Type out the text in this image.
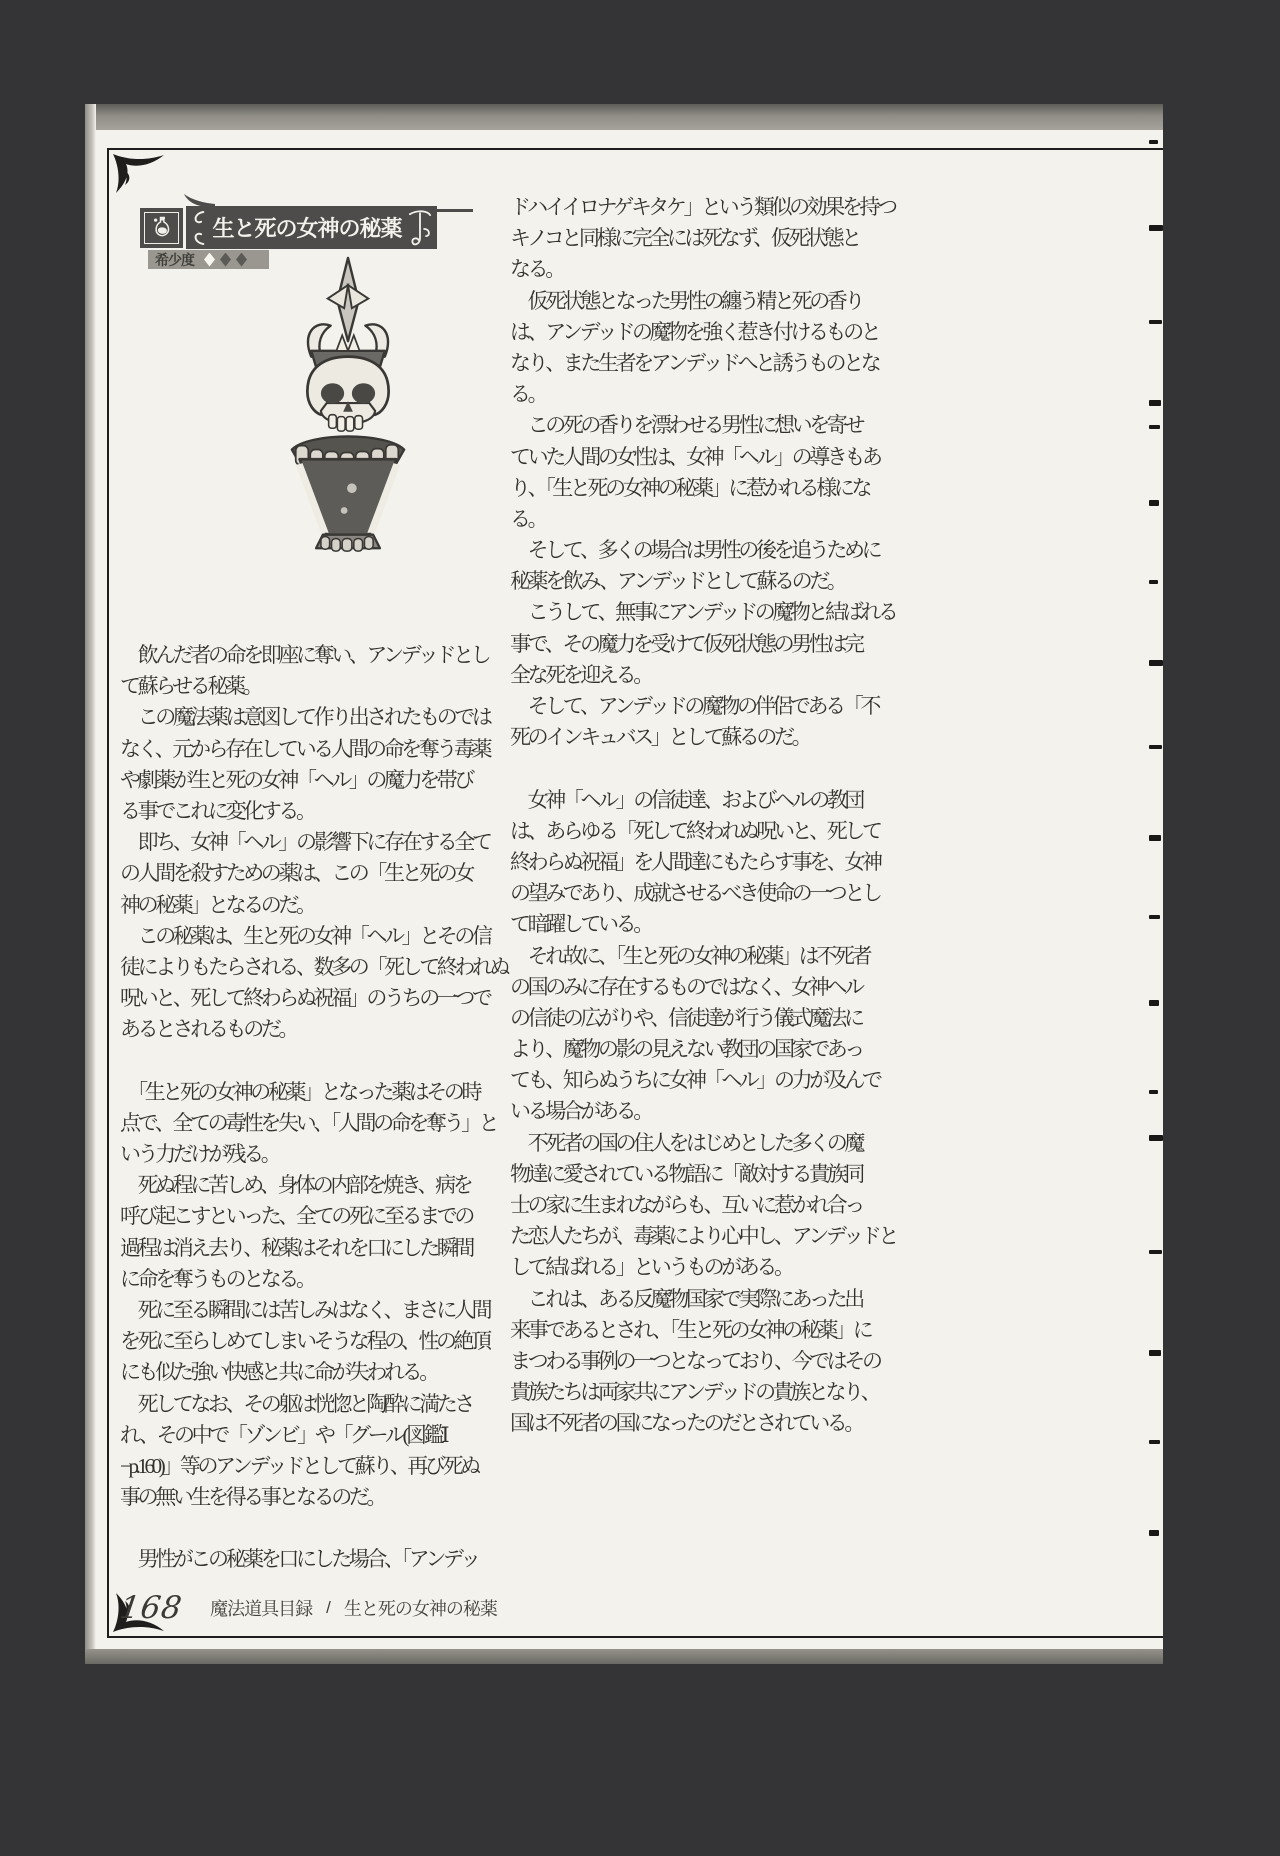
生と死の女神の秘薬
希少度
　飲んだ者の命を即座に奪い、アンデッドとし
て蘇らせる秘薬。
　この魔法薬は意図して作り出されたものでは
なく、元から存在している人間の命を奪う毒薬
や劇薬が生と死の女神「ヘル」の魔力を帯び
る事でこれに変化する。
　即ち、女神「ヘル」の影響下に存在する全て
の人間を殺すための薬は、この「生と死の女
神の秘薬」となるのだ。
　この秘薬は、生と死の女神「ヘル」とその信
徒によりもたらされる、数多の「死して終われぬ
呪いと、死して終わらぬ祝福」のうちの一つで
あるとされるものだ。
　「生と死の女神の秘薬」となった薬はその時
点で、全ての毒性を失い、「人間の命を奪う」と
いう力だけが残る。
　死ぬ程に苦しめ、身体の内部を焼き、病を
呼び起こすといった、全ての死に至るまでの
過程は消え去り、秘薬はそれを口にした瞬間
に命を奪うものとなる。
　死に至る瞬間には苦しみはなく、まさに人間
を死に至らしめてしまいそうな程の、性の絶頂
にも似た強い快感と共に命が失われる。
　死してなお、その躯は恍惚と陶酔に満たさ
れ、その中で「ゾンビ」や「グール(図鑑Ⅰ
−p.160)」等のアンデッドとして蘇り、再び死ぬ
事の無い生を得る事となるのだ。
　男性がこの秘薬を口にした場合、「アンデッ
ドハイイロナゲキタケ」という類似の効果を持つ
キノコと同様に完全には死なず、仮死状態と
なる。
　仮死状態となった男性の纏う精と死の香り
は、アンデッドの魔物を強く惹き付けるものと
なり、また生者をアンデッドへと誘うものとな
る。
　この死の香りを漂わせる男性に想いを寄せ
ていた人間の女性は、女神「ヘル」の導きもあ
り、「生と死の女神の秘薬」に惹かれる様にな
る。
　そして、多くの場合は男性の後を追うために
秘薬を飲み、アンデッドとして蘇るのだ。
　こうして、無事にアンデッドの魔物と結ばれる
事で、その魔力を受けて仮死状態の男性は完
全な死を迎える。
　そして、アンデッドの魔物の伴侶である「不
死のインキュバス」として蘇るのだ。
　女神「ヘル」の信徒達、およびヘルの教団
は、あらゆる「死して終われぬ呪いと、死して
終わらぬ祝福」を人間達にもたらす事を、女神
の望みであり、成就させるべき使命の一つとし
て暗躍している。
　それ故に、「生と死の女神の秘薬」は不死者
の国のみに存在するものではなく、女神ヘル
の信徒の広がりや、信徒達が行う儀式魔法に
より、魔物の影の見えない教団の国家であっ
ても、知らぬうちに女神「ヘル」の力が及んで
いる場合がある。
　不死者の国の住人をはじめとした多くの魔
物達に愛されている物語に「敵対する貴族同
士の家に生まれながらも、互いに惹かれ合っ
た恋人たちが、毒薬により心中し、アンデッドと
して結ばれる」というものがある。
　これは、ある反魔物国家で実際にあった出
来事であるとされ、「生と死の女神の秘薬」に
まつわる事例の一つとなっており、今ではその
貴族たちは両家共にアンデッドの貴族となり、
国は不死者の国になったのだとされている。
168 魔法道具目録 / 生と死の女神の秘薬
